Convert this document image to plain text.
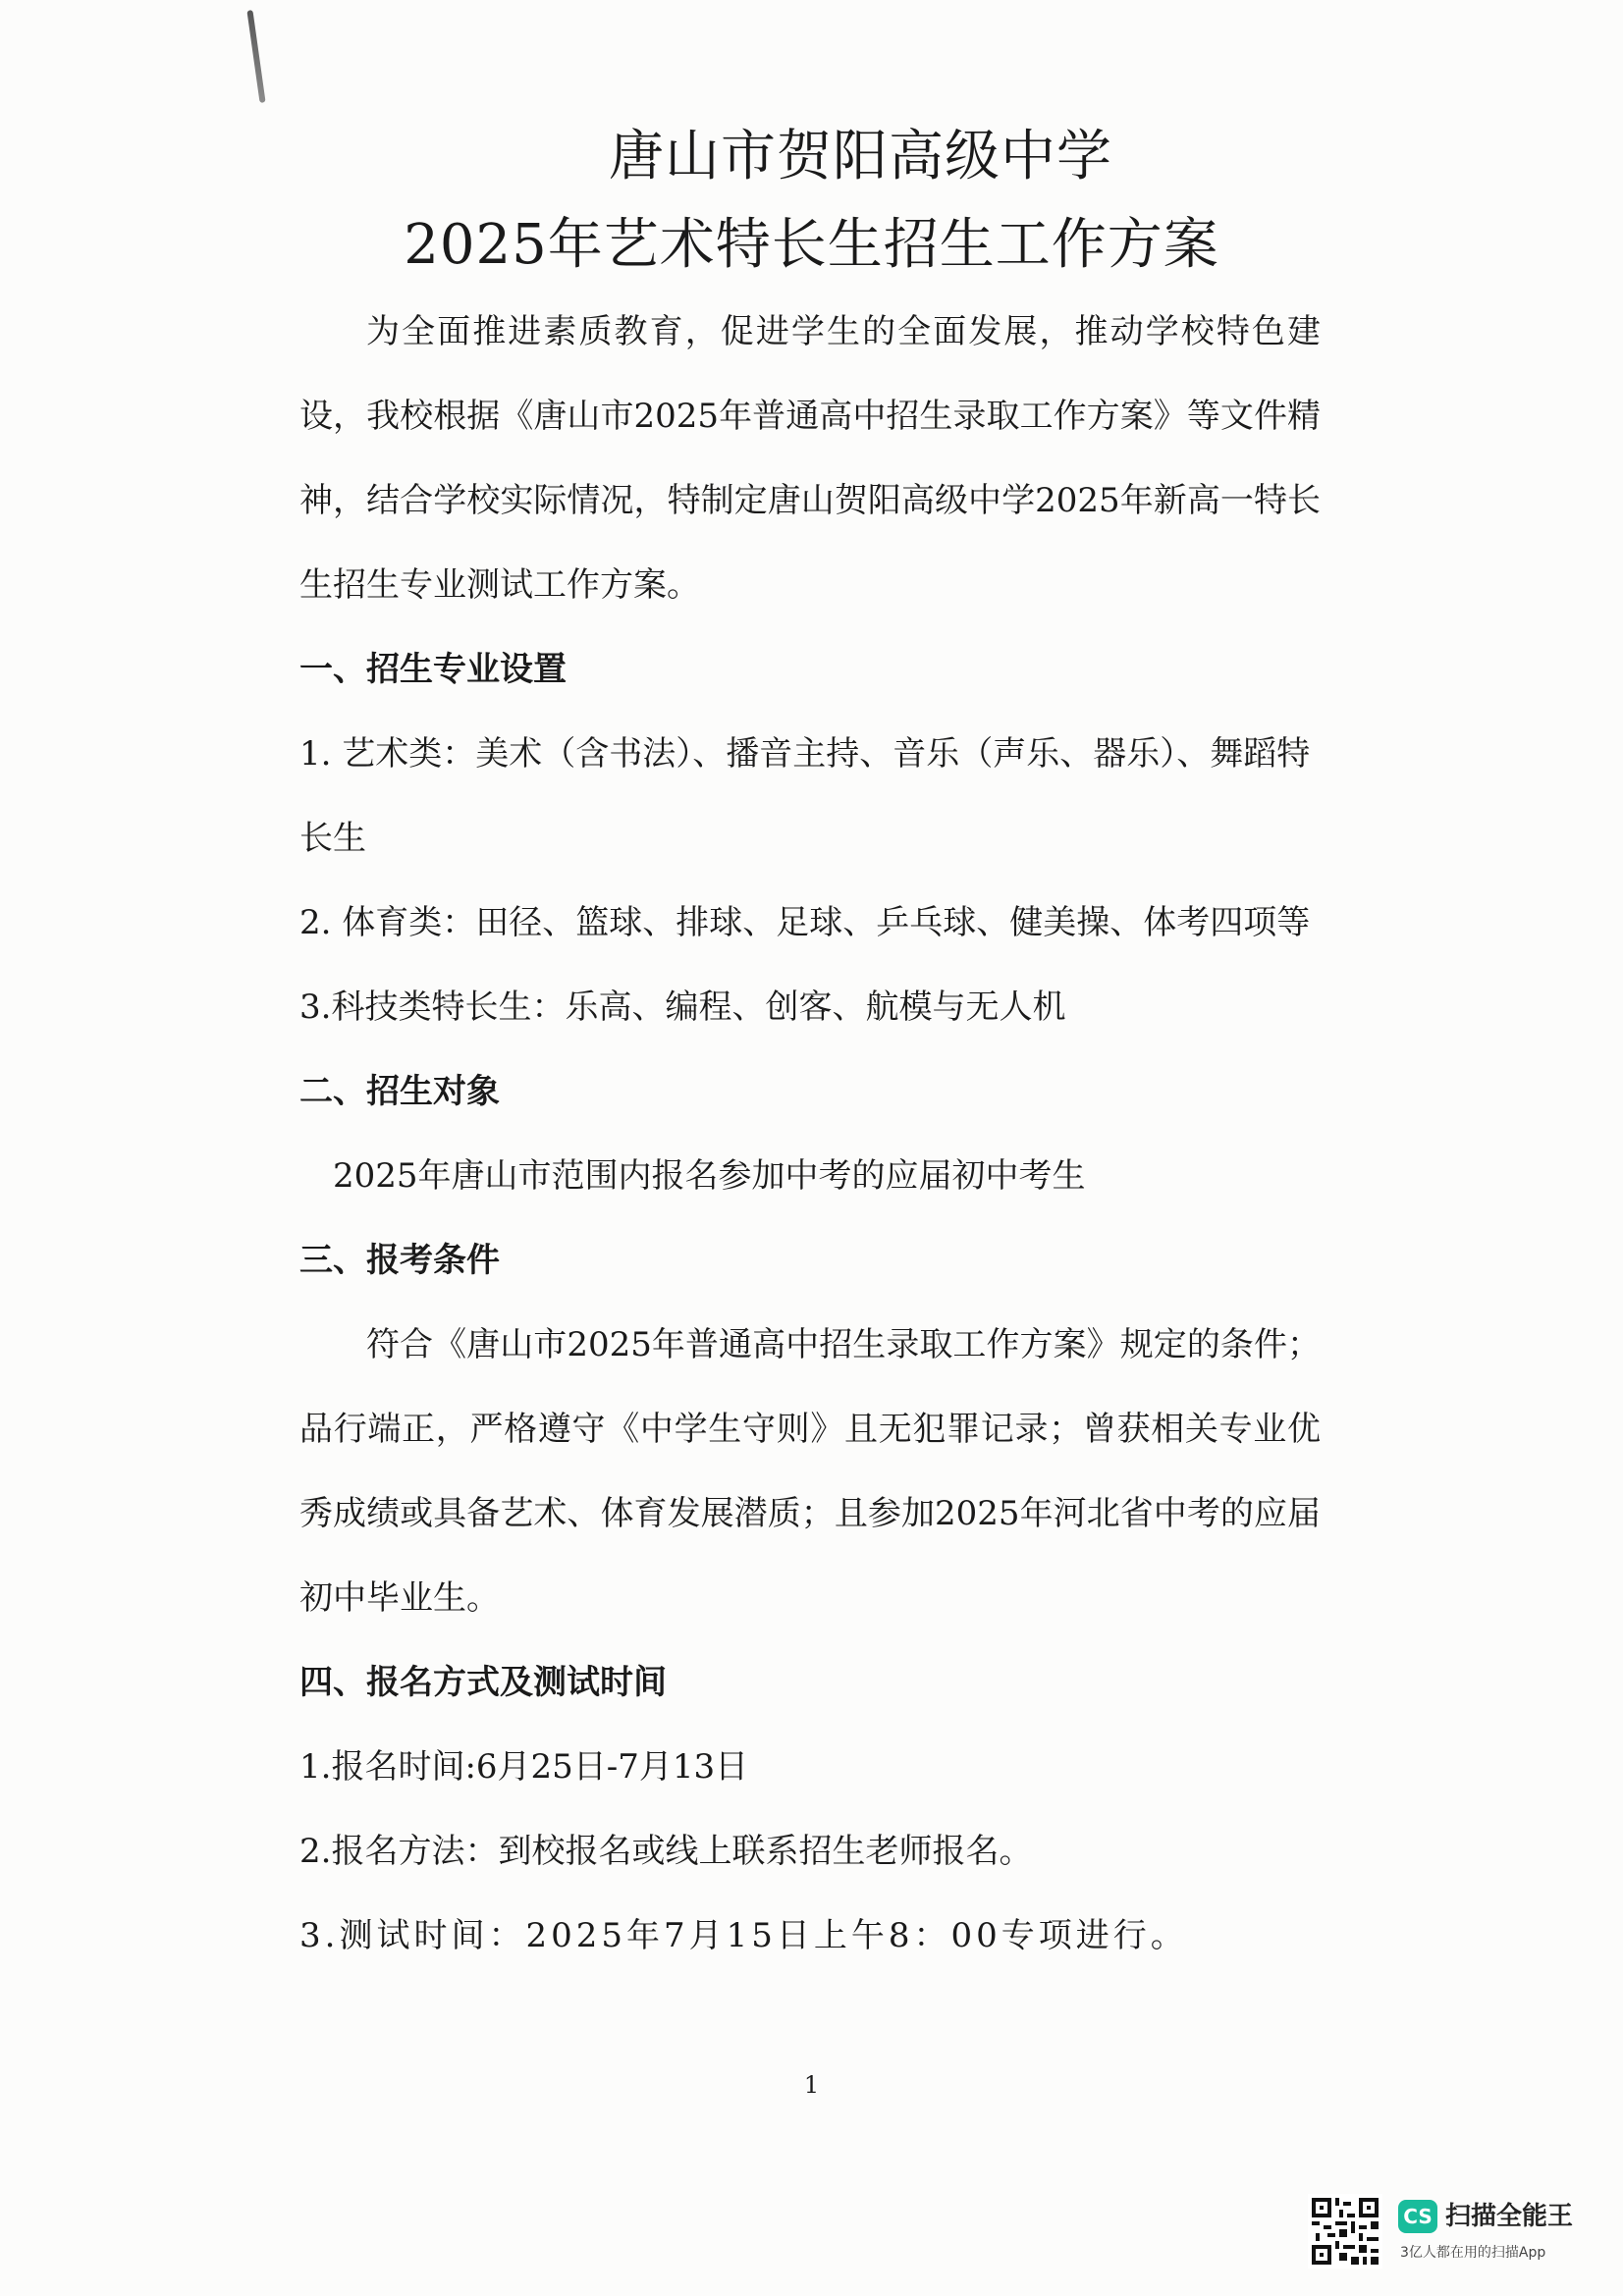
唐山市贺阳高级中学
2025年艺术特长生招生工作方案

为全面推进素质教育，促进学生的全面发展，推动学校特色建设，我校根据《唐山市2025年普通高中招生录取工作方案》等文件精神，结合学校实际情况，特制定唐山贺阳高级中学2025年新高一特长生招生专业测试工作方案。

一、招生专业设置

1. 艺术类：美术（含书法）、播音主持、音乐（声乐、器乐）、舞蹈特长生

2. 体育类：田径、篮球、排球、足球、乒乓球、健美操、体考四项等

3.科技类特长生：乐高、编程、创客、航模与无人机

二、招生对象

2025年唐山市范围内报名参加中考的应届初中考生

三、报考条件

符合《唐山市2025年普通高中招生录取工作方案》规定的条件；品行端正，严格遵守《中学生守则》且无犯罪记录；曾获相关专业优秀成绩或具备艺术、体育发展潜质；且参加2025年河北省中考的应届初中毕业生。

四、报名方式及测试时间

1.报名时间:6月25日-7月13日

2.报名方法：到校报名或线上联系招生老师报名。

3.测试时间：2025年7月15日上午8：00专项进行。

1
CS 扫描全能王
3亿人都在用的扫描App
